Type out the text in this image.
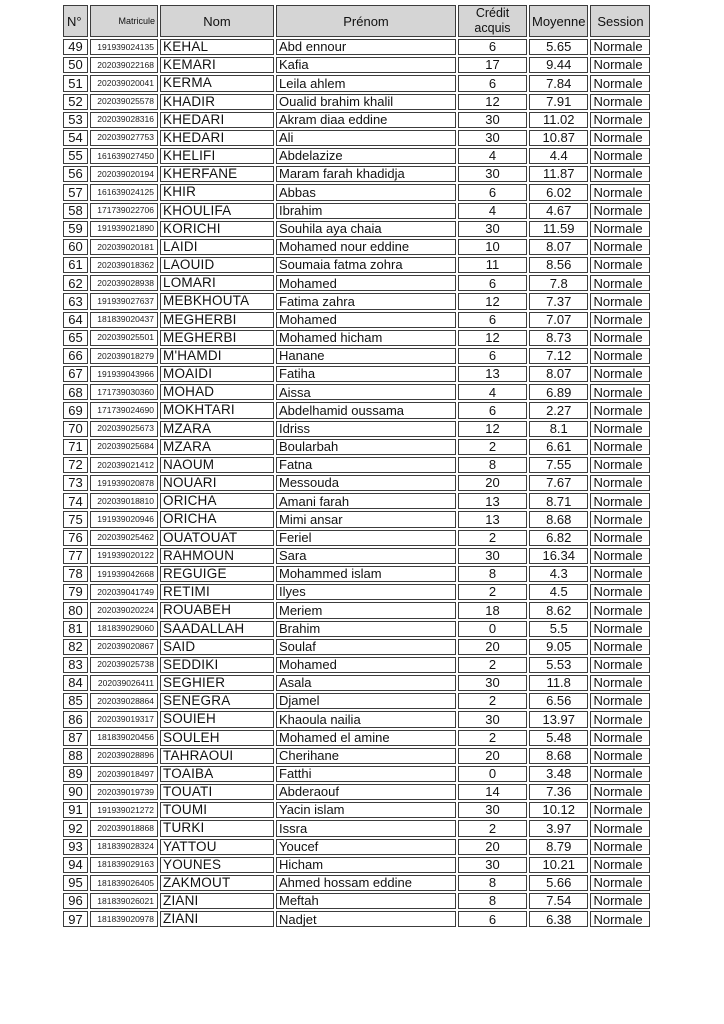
N°	Matricule	Nom	Prénom	Crédit acquis	Moyenne	Session
49	191939024135	KEHAL	Abd ennour	6	5.65	Normale
50	202039022168	KEMARI	Kafia	17	9.44	Normale
51	202039020041	KERMA	Leila ahlem	6	7.84	Normale
52	202039025578	KHADIR	Oualid brahim khalil	12	7.91	Normale
53	202039028316	KHEDARI	Akram diaa eddine	30	11.02	Normale
54	202039027753	KHEDARI	Ali	30	10.87	Normale
55	161639027450	KHELIFI	Abdelazize	4	4.4	Normale
56	202039020194	KHERFANE	Maram farah khadidja	30	11.87	Normale
57	161639024125	KHIR	Abbas	6	6.02	Normale
58	171739022706	KHOULIFA	Ibrahim	4	4.67	Normale
59	191939021890	KORICHI	Souhila aya chaia	30	11.59	Normale
60	202039020181	LAIDI	Mohamed nour eddine	10	8.07	Normale
61	202039018362	LAOUID	Soumaia fatma zohra	11	8.56	Normale
62	202039028938	LOMARI	Mohamed	6	7.8	Normale
63	191939027637	MEBKHOUTA	Fatima zahra	12	7.37	Normale
64	181839020437	MEGHERBI	Mohamed	6	7.07	Normale
65	202039025501	MEGHERBI	Mohamed hicham	12	8.73	Normale
66	202039018279	M'HAMDI	Hanane	6	7.12	Normale
67	191939043966	MOAIDI	Fatiha	13	8.07	Normale
68	171739030360	MOHAD	Aissa	4	6.89	Normale
69	171739024690	MOKHTARI	Abdelhamid oussama	6	2.27	Normale
70	202039025673	MZARA	Idriss	12	8.1	Normale
71	202039025684	MZARA	Boularbah	2	6.61	Normale
72	202039021412	NAOUM	Fatna	8	7.55	Normale
73	191939020878	NOUARI	Messouda	20	7.67	Normale
74	202039018810	ORICHA	Amani farah	13	8.71	Normale
75	191939020946	ORICHA	Mimi ansar	13	8.68	Normale
76	202039025462	OUATOUAT	Feriel	2	6.82	Normale
77	191939020122	RAHMOUN	Sara	30	16.34	Normale
78	191939042668	REGUIGE	Mohammed islam	8	4.3	Normale
79	202039041749	RETIMI	Ilyes	2	4.5	Normale
80	202039020224	ROUABEH	Meriem	18	8.62	Normale
81	181839029060	SAADALLAH	Brahim	0	5.5	Normale
82	202039020867	SAID	Soulaf	20	9.05	Normale
83	202039025738	SEDDIKI	Mohamed	2	5.53	Normale
84	202039026411	SEGHIER	Asala	30	11.8	Normale
85	202039028864	SENEGRA	Djamel	2	6.56	Normale
86	202039019317	SOUIEH	Khaoula nailia	30	13.97	Normale
87	181839020456	SOULEH	Mohamed el amine	2	5.48	Normale
88	202039028896	TAHRAOUI	Cherihane	20	8.68	Normale
89	202039018497	TOAIBA	Fatthi	0	3.48	Normale
90	202039019739	TOUATI	Abderaouf	14	7.36	Normale
91	191939021272	TOUMI	Yacin islam	30	10.12	Normale
92	202039018868	TURKI	Issra	2	3.97	Normale
93	181839028324	YATTOU	Youcef	20	8.79	Normale
94	181839029163	YOUNES	Hicham	30	10.21	Normale
95	181839026405	ZAKMOUT	Ahmed hossam eddine	8	5.66	Normale
96	181839026021	ZIANI	Meftah	8	7.54	Normale
97	181839020978	ZIANI	Nadjet	6	6.38	Normale
